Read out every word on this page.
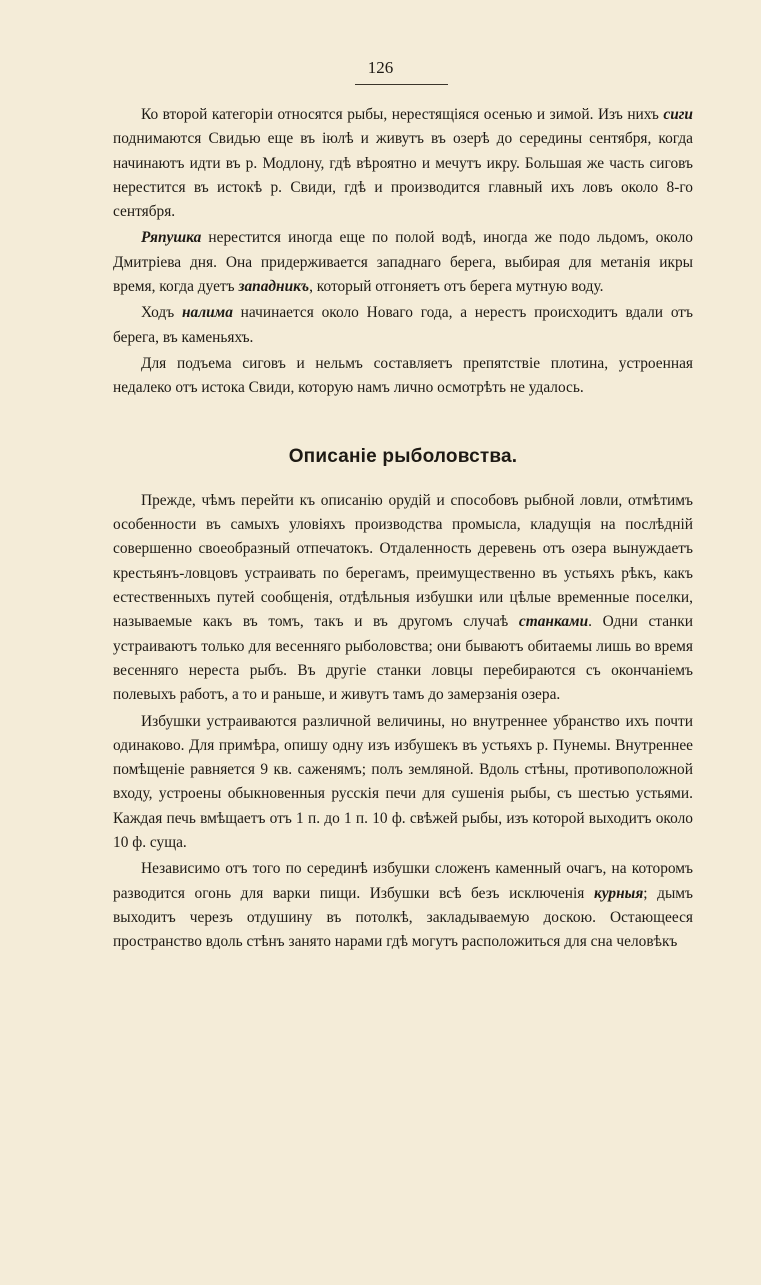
126

Ко второй категоріи относятся рыбы, нерестящіяся осенью и зимой. Изъ нихъ сиги поднимаются Свидью еще въ іюлѣ и живутъ въ озерѣ до середины сентября, когда начинаютъ идти въ р. Модлону, гдѣ вѣроятно и мечутъ икру. Большая же часть сиговъ нерестится въ истокѣ р. Свиди, гдѣ и производится главный ихъ ловъ около 8-го сентября.

Ряпушка нерестится иногда еще по полой водѣ, иногда же подо льдомъ, около Дмитріева дня. Она придерживается западнаго берега, выбирая для метанія икры время, когда дуетъ западникъ, который отгоняетъ отъ берега мутную воду.

Ходъ налима начинается около Новаго года, а нерестъ происходитъ вдали отъ берега, въ каменьяхъ.

Для подъема сиговъ и нельмъ составляетъ препятствіе плотина, устроенная недалеко отъ истока Свиди, которую намъ лично осмотрѣть не удалось.

Описаніе рыболовства.

Прежде, чѣмъ перейти къ описанію орудій и способовъ рыбной ловли, отмѣтимъ особенности въ самыхъ уловіяхъ производства промысла, кладущія на послѣдній совершенно своеобразный отпечатокъ. Отдаленность деревень отъ озера вынуждаетъ крестьянъ-ловцовъ устраивать по берегамъ, преимущественно въ устьяхъ рѣкъ, какъ естественныхъ путей сообщенія, отдѣльныя избушки или цѣлые временные поселки, называемые какъ въ томъ, такъ и въ другомъ случаѣ станками. Одни станки устраиваютъ только для весенняго рыболовства; они бываютъ обитаемы лишь во время весенняго нереста рыбъ. Въ другіе станки ловцы перебираются съ окончаніемъ полевыхъ работъ, а то и раньше, и живутъ тамъ до замерзанія озера.

Избушки устраиваются различной величины, но внутреннее убранство ихъ почти одинаково. Для примѣра, опишу одну изъ избушекъ въ устьяхъ р. Пунемы. Внутреннее помѣщеніе равняется 9 кв. саженямъ; полъ земляной. Вдоль стѣны, противоположной входу, устроены обыкновенныя русскія печи для сушенія рыбы, съ шестью устьями. Каждая печь вмѣщаетъ отъ 1 п. до 1 п. 10 ф. свѣжей рыбы, изъ которой выходитъ около 10 ф. суща.

Независимо отъ того по серединѣ избушки сложенъ каменный очагъ, на которомъ разводится огонь для варки пищи. Избушки всѣ безъ исключенія курныя; дымъ выходитъ черезъ отдушину въ потолкѣ, закладываемую доскою. Остающееся пространство вдоль стѣнъ занято нарами гдѣ могутъ расположиться для сна человѣкъ
